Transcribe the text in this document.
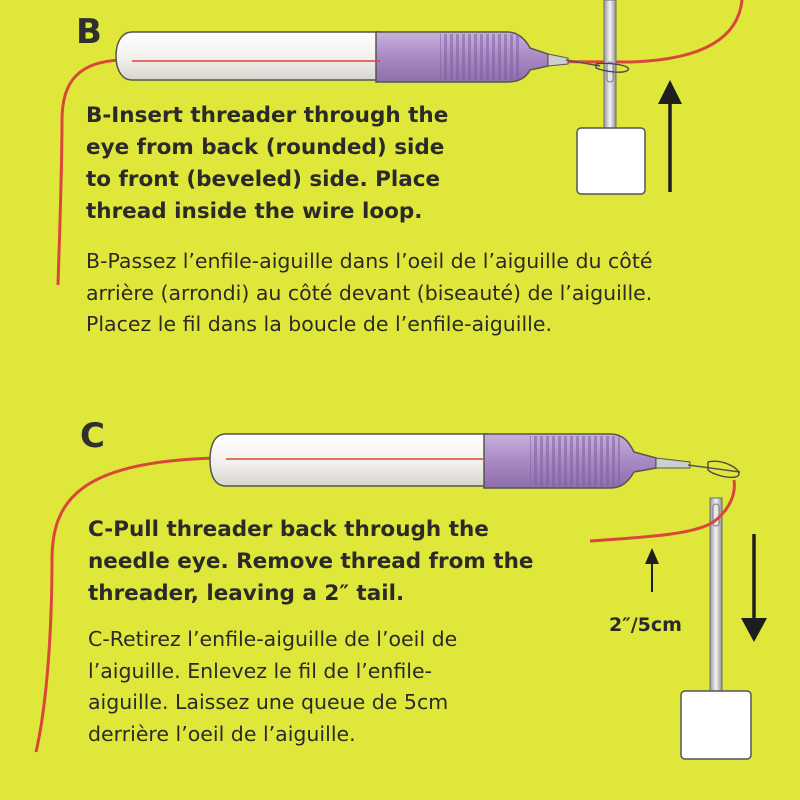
B
B-Insert threader through the
eye from back (rounded) side
to front (beveled) side. Place
thread inside the wire loop.
B-Passez l’enfile-aiguille dans l’oeil de l’aiguille du côté
arrière (arrondi) au côté devant (biseauté) de l’aiguille.
Placez le fil dans la boucle de l’enfile-aiguille.
C
C-Pull threader back through the
needle eye. Remove thread from the
threader, leaving a 2″ tail.
C-Retirez l’enfile-aiguille de l’oeil de
l’aiguille. Enlevez le fil de l’enfile-
aiguille. Laissez une queue de 5cm
derrière l’oeil de l’aiguille.
2″/5cm
